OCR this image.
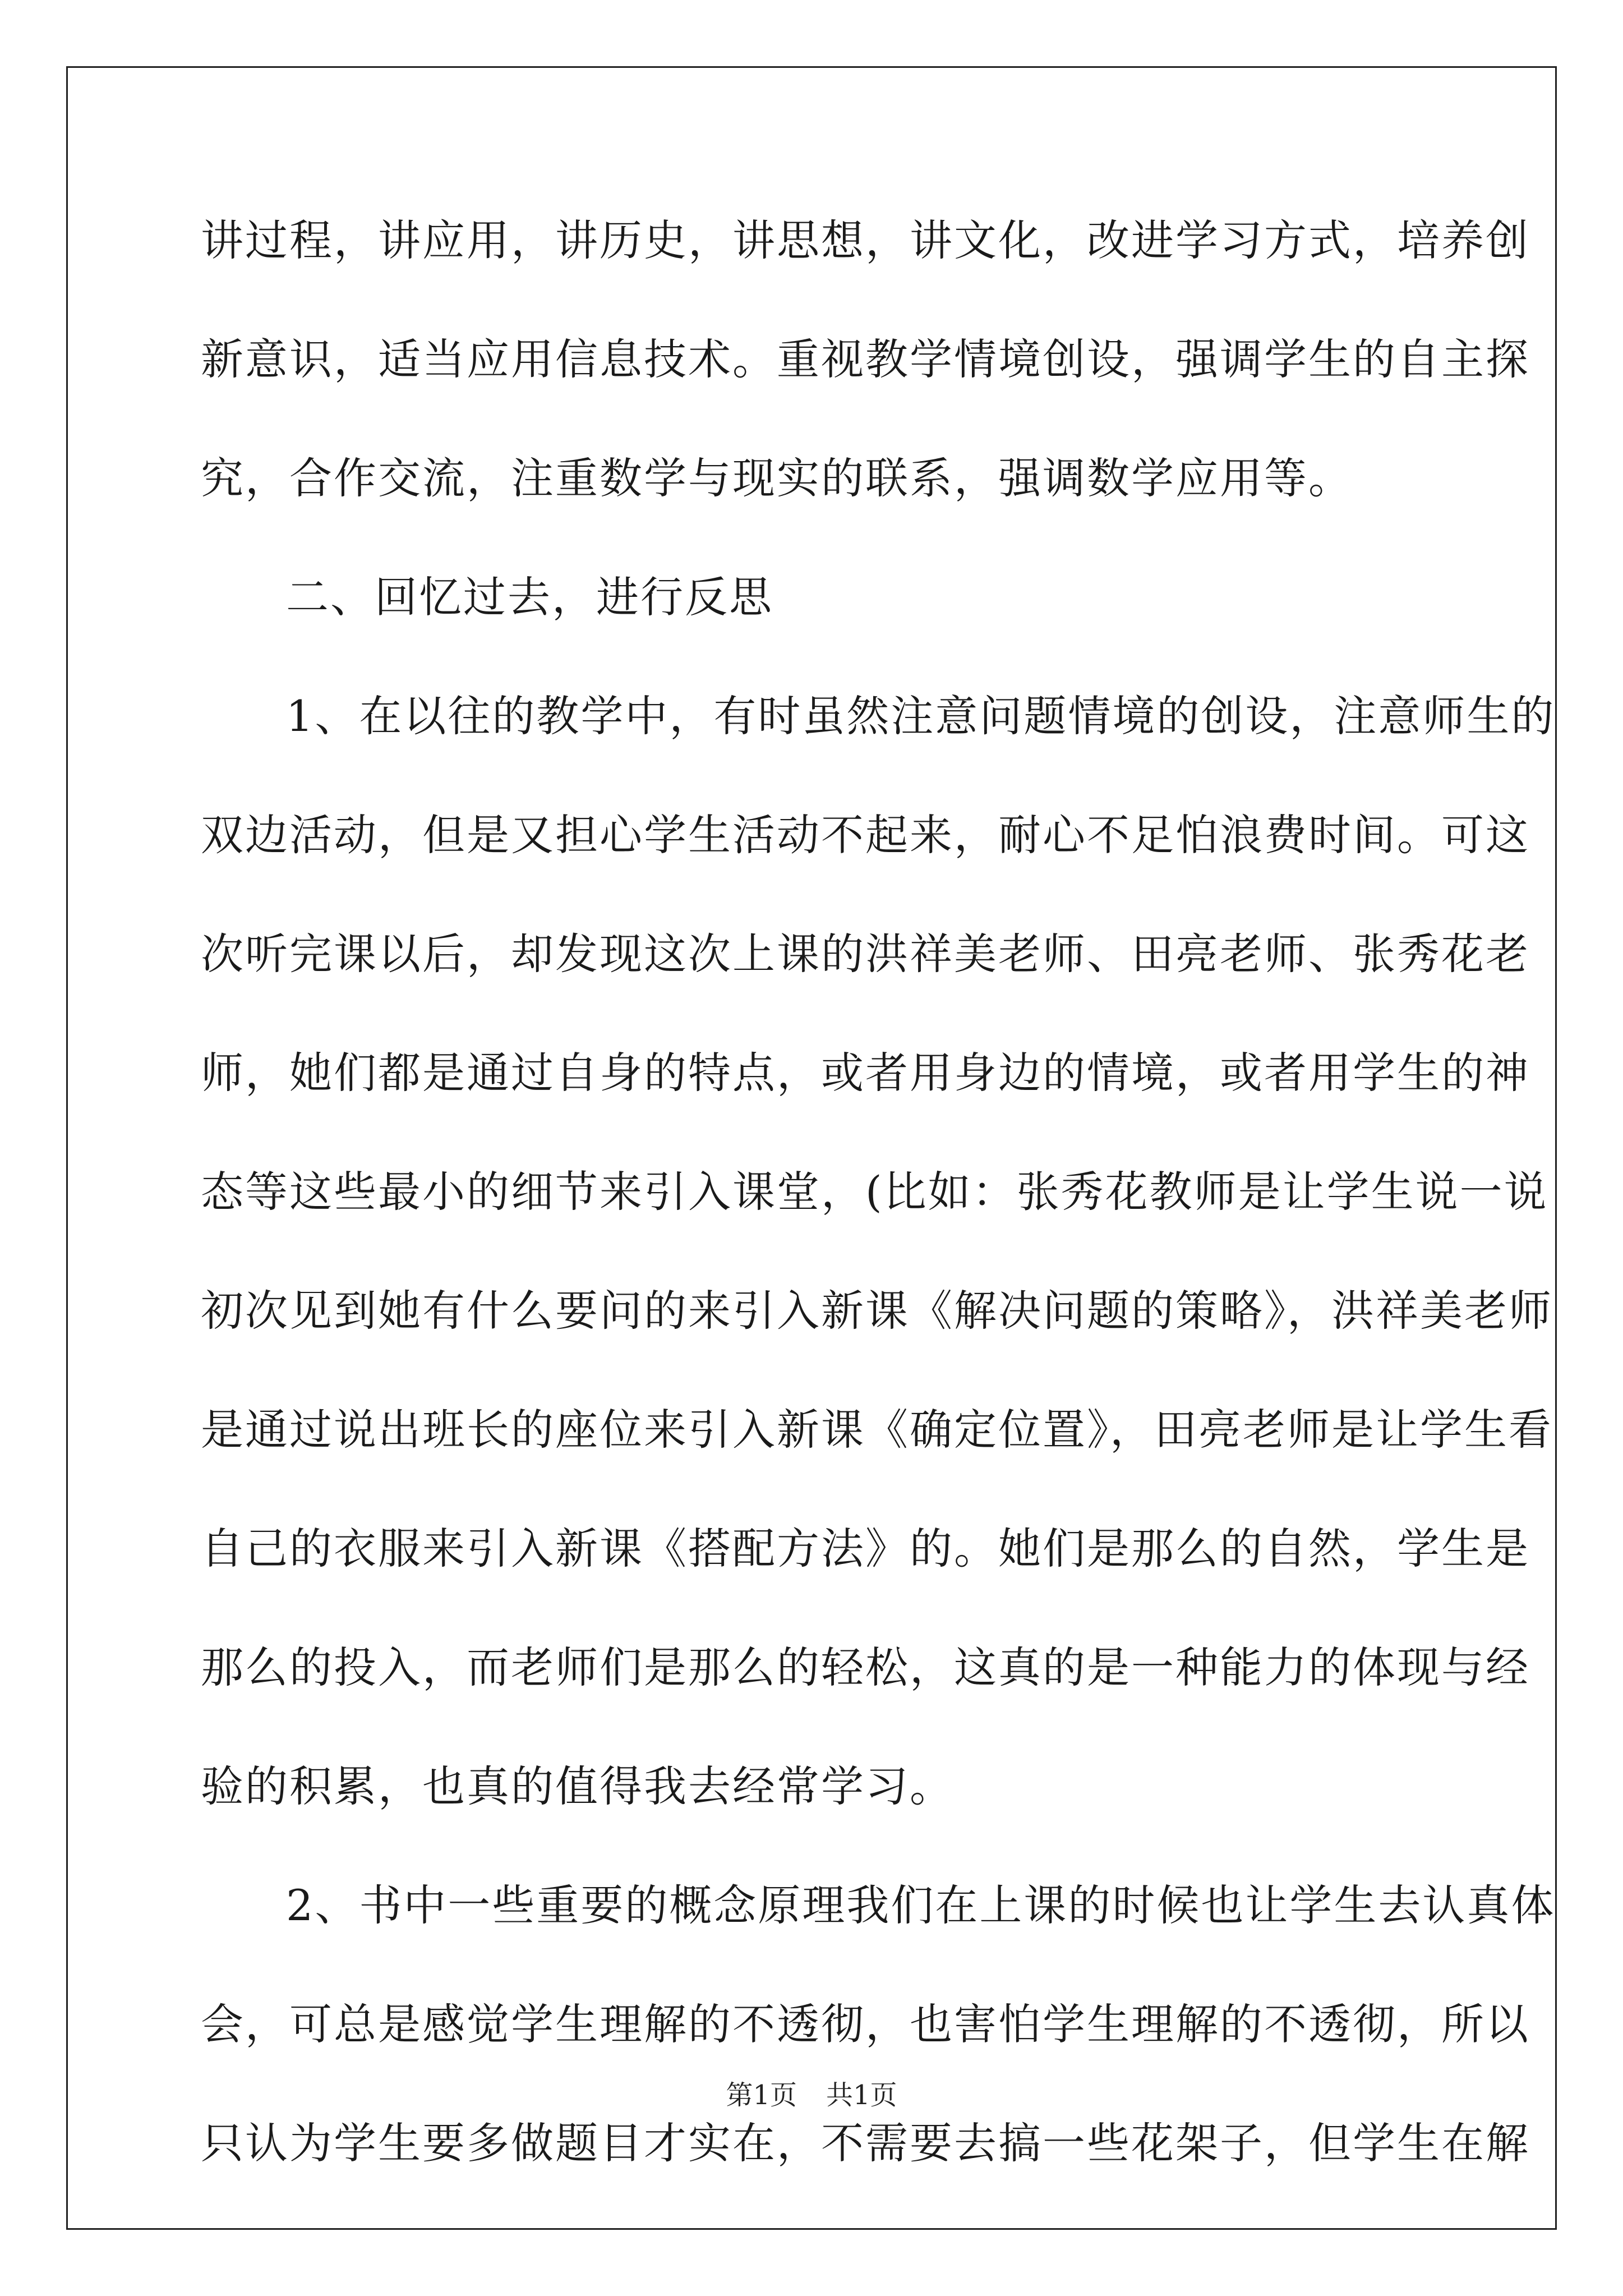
讲过程，讲应用，讲历史，讲思想，讲文化，改进学习方式，培养创
新意识，适当应用信息技术。重视教学情境创设，强调学生的自主探
究，合作交流，注重数学与现实的联系，强调数学应用等。
二、回忆过去，进行反思
1、在以往的教学中，有时虽然注意问题情境的创设，注意师生的
双边活动，但是又担心学生活动不起来，耐心不足怕浪费时间。可这
次听完课以后，却发现这次上课的洪祥美老师、田亮老师、张秀花老
师，她们都是通过自身的特点，或者用身边的情境，或者用学生的神
态等这些最小的细节来引入课堂，(比如：张秀花教师是让学生说一说
初次见到她有什么要问的来引入新课《解决问题的策略》，洪祥美老师
是通过说出班长的座位来引入新课《确定位置》，田亮老师是让学生看
自己的衣服来引入新课《搭配方法》的。她们是那么的自然，学生是
那么的投入，而老师们是那么的轻松，这真的是一种能力的体现与经
验的积累，也真的值得我去经常学习。
2、书中一些重要的概念原理我们在上课的时候也让学生去认真体
会，可总是感觉学生理解的不透彻，也害怕学生理解的不透彻，所以
只认为学生要多做题目才实在，不需要去搞一些花架子，但学生在解
第1页 共1页
